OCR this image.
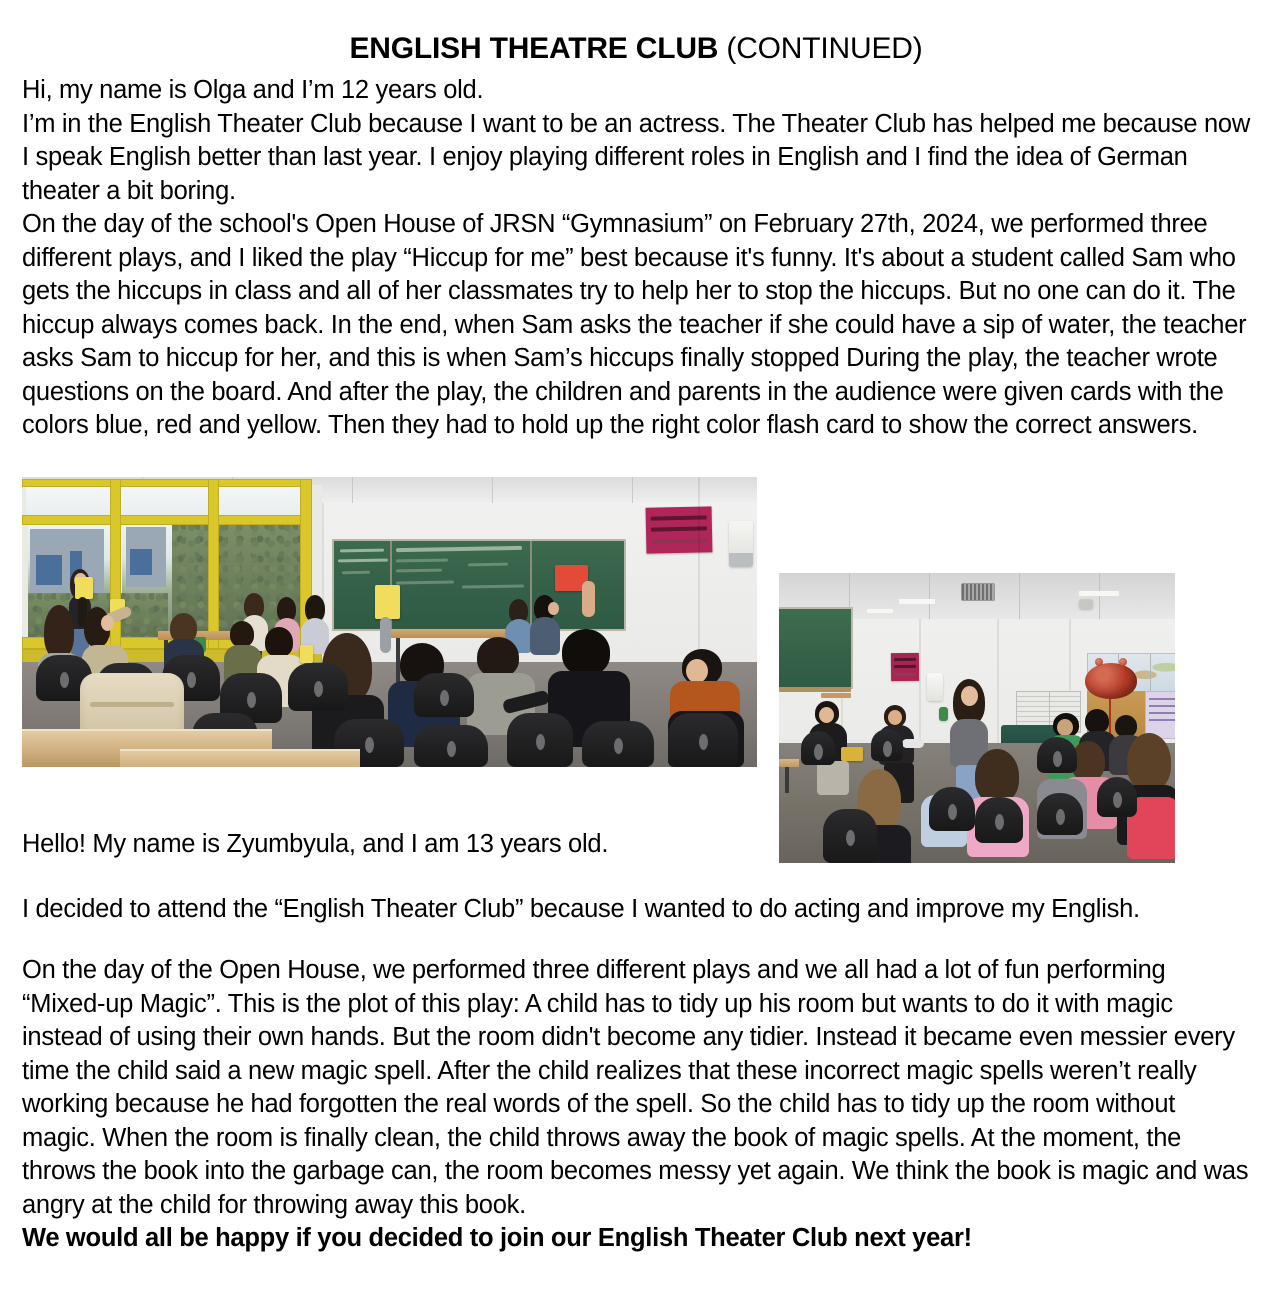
ENGLISH THEATRE CLUB (CONTINUED)
Hi, my name is Olga and I’m 12 years old.
I’m in the English Theater Club because I want to be an actress. The Theater Club has helped me because now I speak English better than last year. I enjoy playing different roles in English and I find the idea of German theater a bit boring.
On the day of the school's Open House of JRSN “Gymnasium” on February 27th, 2024, we performed three different plays, and I liked the play “Hiccup for me” best because it's funny. It's about a student called Sam who gets the hiccups in class and all of her classmates try to help her to stop the hiccups. But no one can do it. The hiccup always comes back. In the end, when Sam asks the teacher if she could have a sip of water, the teacher asks Sam to hiccup for her, and this is when Sam’s hiccups finally stopped During the play, the teacher wrote questions on the board. And after the play, the children and parents in the audience were given cards with the colors blue, red and yellow. Then they had to hold up the right color flash card to show the correct answers.
Hello! My name is Zyumbyula, and I am 13 years old.
I decided to attend the “English Theater Club” because I wanted to do acting and improve my English.
On the day of the Open House, we performed three different plays and we all had a lot of fun performing “Mixed-up Magic”. This is the plot of this play: A child has to tidy up his room but wants to do it with magic instead of using their own hands. But the room didn't become any tidier. Instead it became even messier every time the child said a new magic spell. After the child realizes that these incorrect magic spells weren’t really working because he had forgotten the real words of the spell. So the child has to tidy up the room without magic. When the room is finally clean, the child throws away the book of magic spells. At the moment, the throws the book into the garbage can, the room becomes messy yet again. We think the book is magic and was angry at the child for throwing away this book.
We would all be happy if you decided to join our English Theater Club next year!
